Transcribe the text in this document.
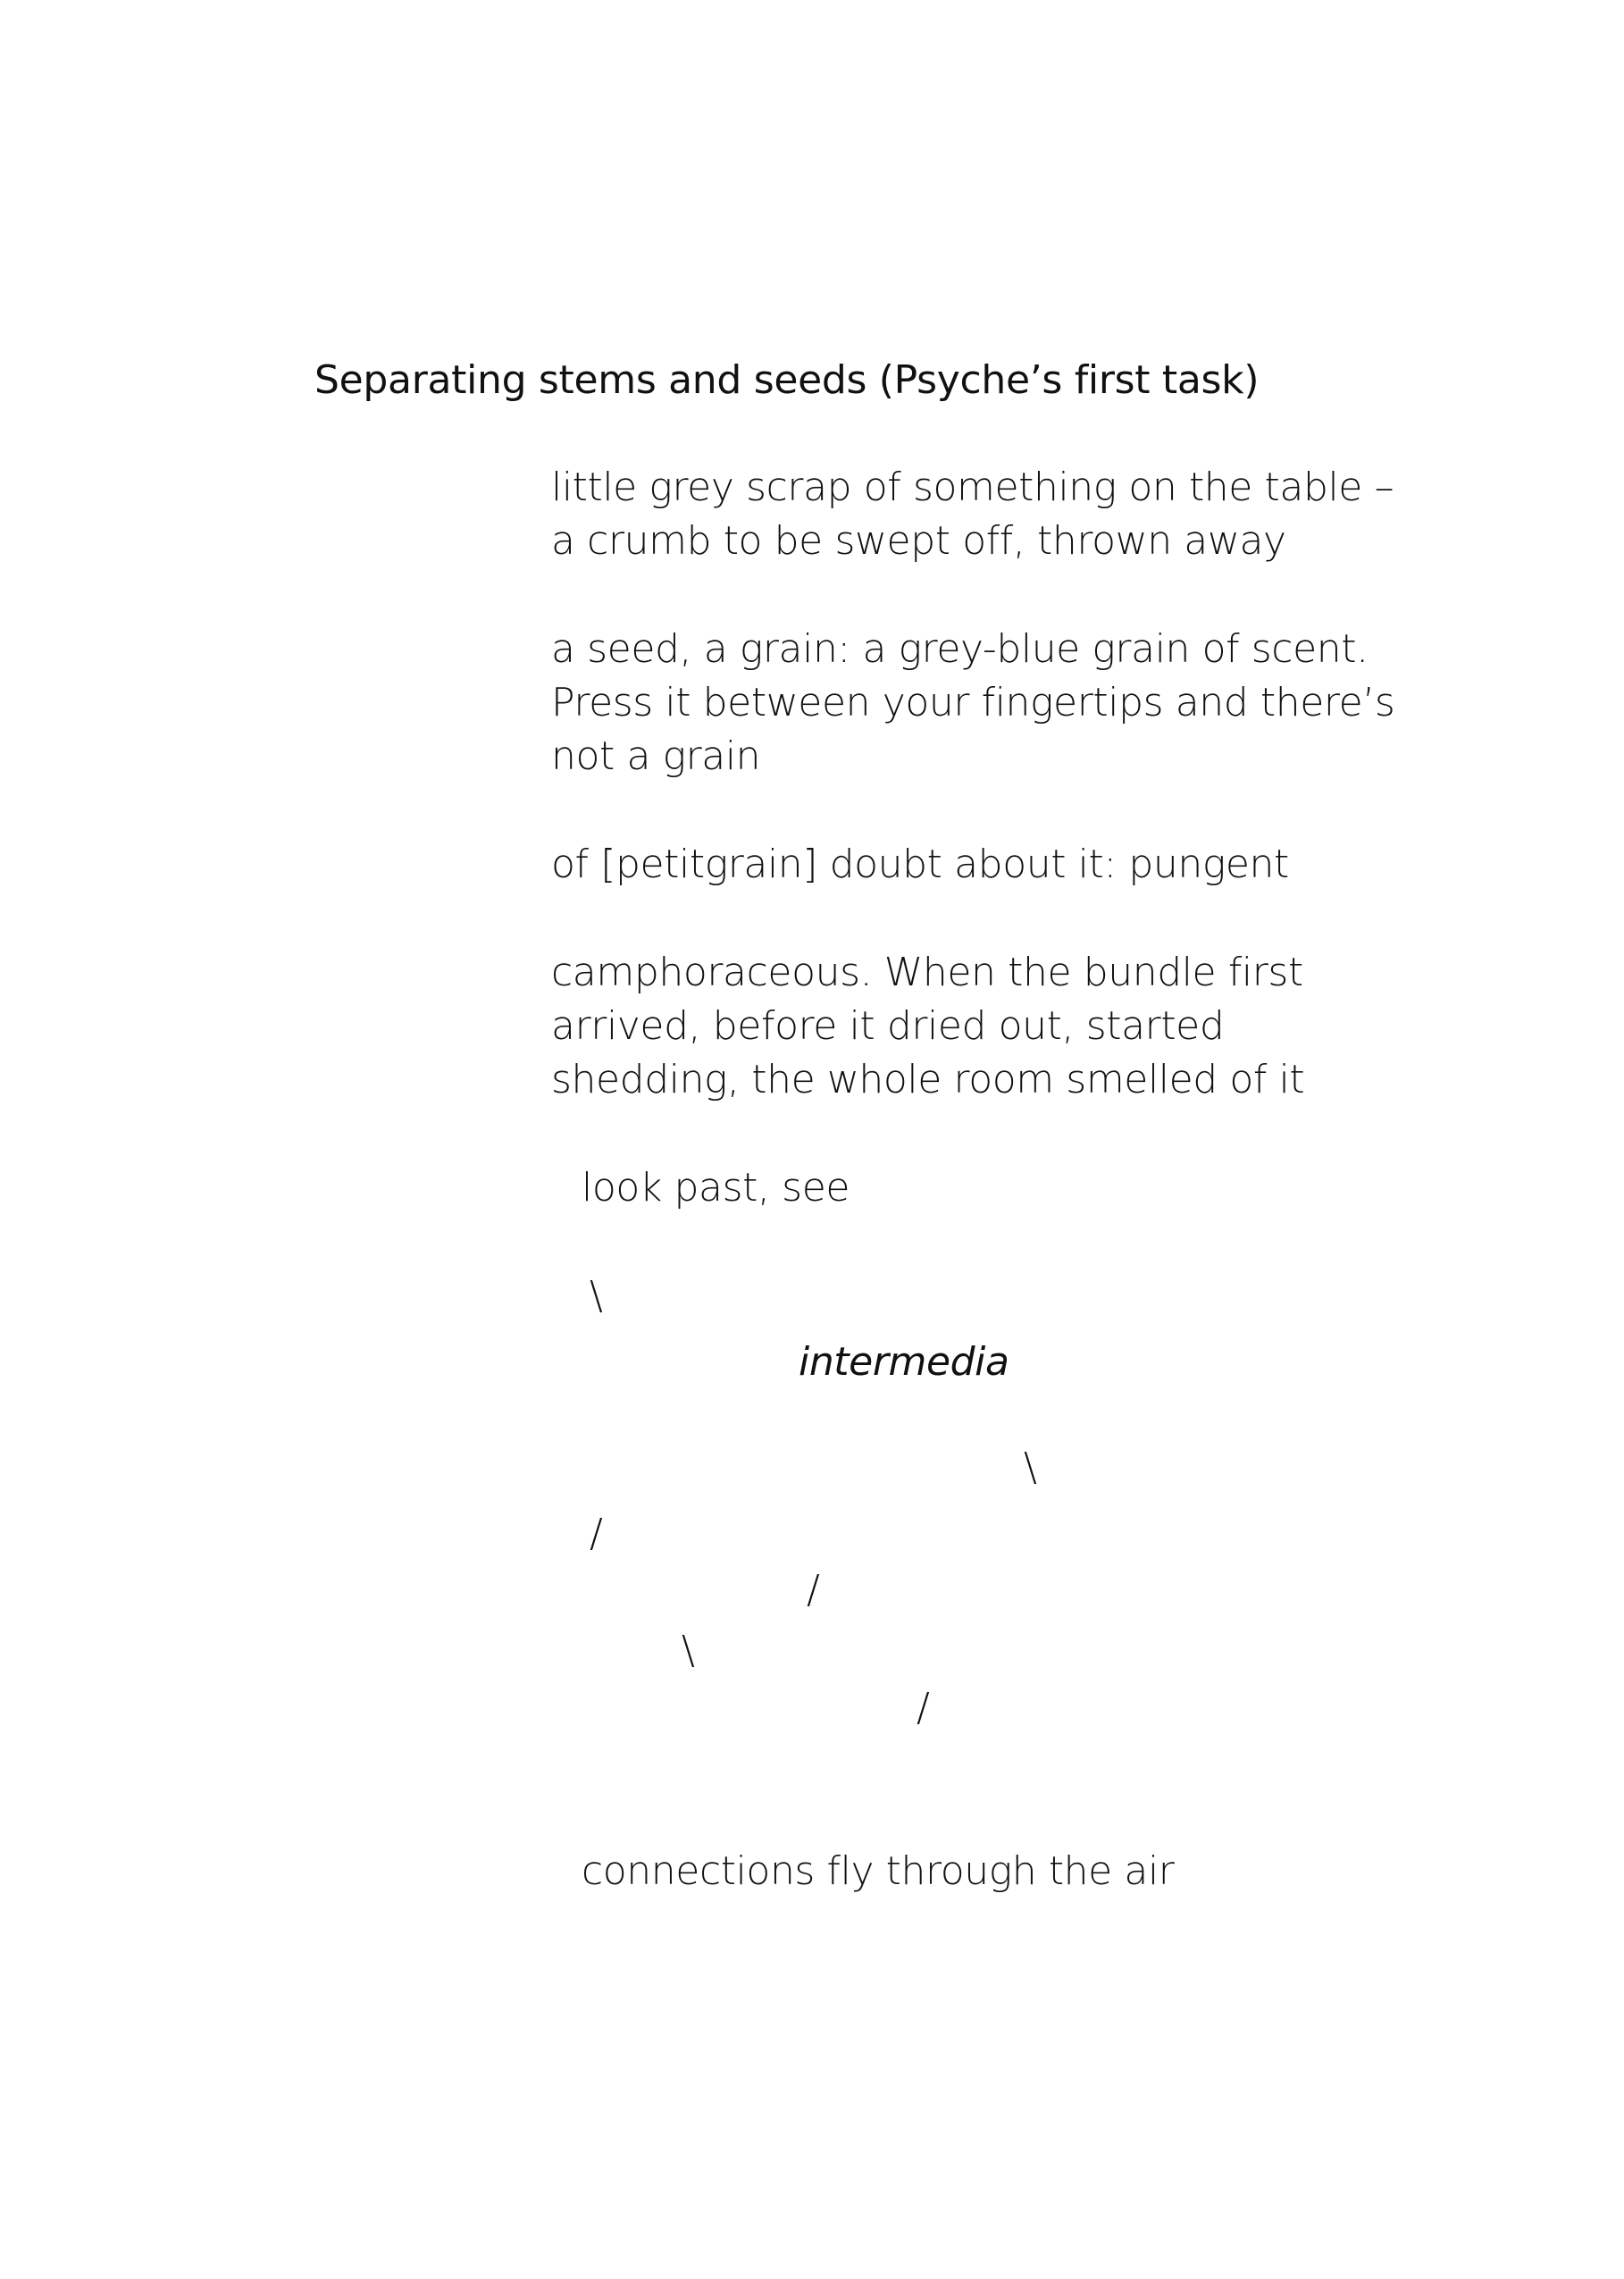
Separating stems and seeds (Psyche’s first task)
little grey scrap of something on the table –
a crumb to be swept off, thrown away
a seed, a grain: a grey-blue grain of scent.
Press it between your fingertips and there’s
not a grain
of [petitgrain] doubt about it: pungent
camphoraceous. When the bundle first
arrived, before it dried out, started
shedding, the whole room smelled of it
look past, see
\
intermedia
\
/
/
\
/
connections fly through the air
